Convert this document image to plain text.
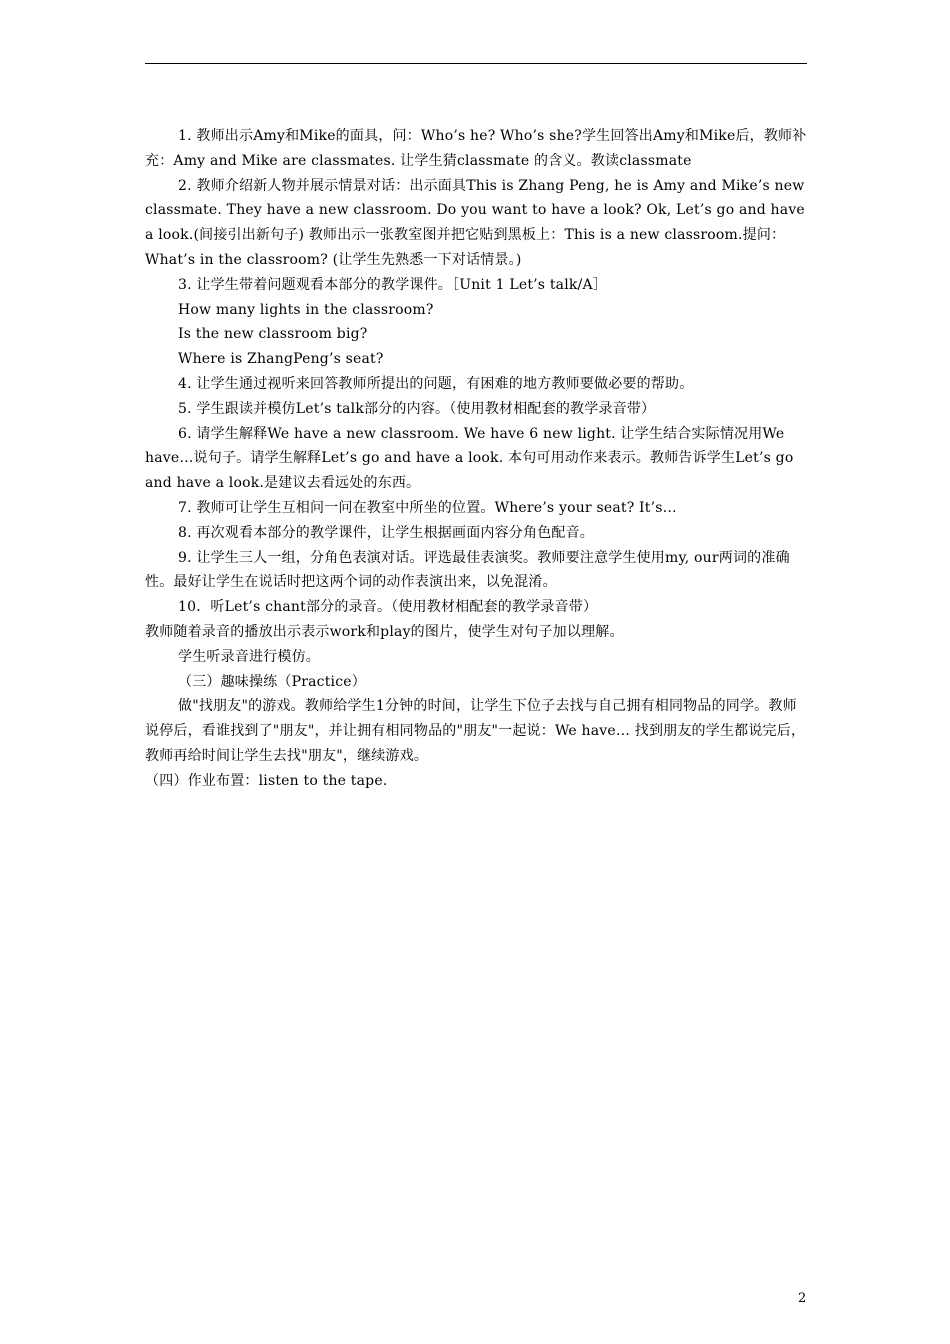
1. 教师出示Amy和Mike的面具，问：Who’s he? Who’s she?学生回答出Amy和Mike后，教师补充：Amy and Mike are classmates. 让学生猜classmate 的含义。教读classmate

2. 教师介绍新人物并展示情景对话：出示面具This is Zhang Peng, he is Amy and Mike’s new classmate. They have a new classroom. Do you want to have a look? Ok, Let’s go and have a look.(间接引出新句子) 教师出示一张教室图并把它贴到黑板上：This is a new classroom.提问：What’s in the classroom? (让学生先熟悉一下对话情景。)

3. 让学生带着问题观看本部分的教学课件。［Unit 1 Let’s talk/A］

How many lights in the classroom?

Is the new classroom big?

Where is ZhangPeng’s seat?

4. 让学生通过视听来回答教师所提出的问题，有困难的地方教师要做必要的帮助。

5. 学生跟读并模仿Let’s talk部分的内容。（使用教材相配套的教学录音带）

6. 请学生解释We have a new classroom. We have 6 new light. 让学生结合实际情况用We have…说句子。请学生解释Let’s go and have a look. 本句可用动作来表示。教师告诉学生Let’s go and have a look.是建议去看远处的东西。

7. 教师可让学生互相问一问在教室中所坐的位置。Where’s your seat? It’s…

8. 再次观看本部分的教学课件，让学生根据画面内容分角色配音。

9. 让学生三人一组，分角色表演对话。评选最佳表演奖。教师要注意学生使用my, our两词的准确性。最好让学生在说话时把这两个词的动作表演出来，以免混淆。

10．听Let’s chant部分的录音。（使用教材相配套的教学录音带）

教师随着录音的播放出示表示work和play的图片，使学生对句子加以理解。

学生听录音进行模仿。

（三）趣味操练（Practice）

做"找朋友"的游戏。教师给学生1分钟的时间，让学生下位子去找与自己拥有相同物品的同学。教师说停后，看谁找到了"朋友"，并让拥有相同物品的"朋友"一起说：We have… 找到朋友的学生都说完后，教师再给时间让学生去找"朋友"，继续游戏。

（四）作业布置：listen to the tape.

2
